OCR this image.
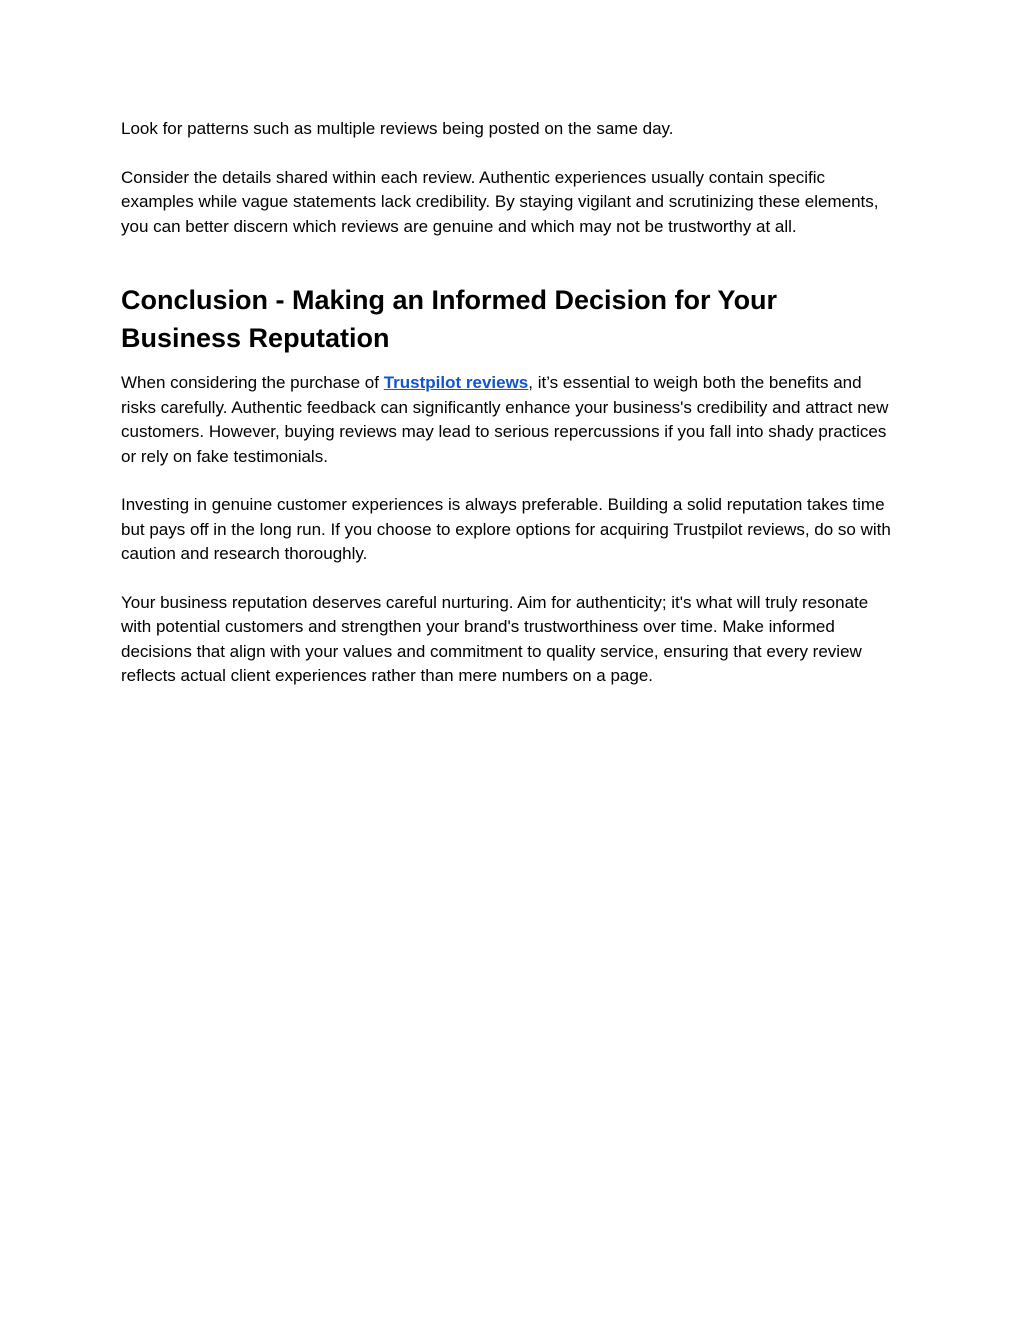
Look for patterns such as multiple reviews being posted on the same day.

Consider the details shared within each review. Authentic experiences usually contain specific examples while vague statements lack credibility. By staying vigilant and scrutinizing these elements, you can better discern which reviews are genuine and which may not be trustworthy at all.

Conclusion - Making an Informed Decision for Your Business Reputation

When considering the purchase of Trustpilot reviews, it’s essential to weigh both the benefits and risks carefully. Authentic feedback can significantly enhance your business's credibility and attract new customers. However, buying reviews may lead to serious repercussions if you fall into shady practices or rely on fake testimonials.

Investing in genuine customer experiences is always preferable. Building a solid reputation takes time but pays off in the long run. If you choose to explore options for acquiring Trustpilot reviews, do so with caution and research thoroughly.

Your business reputation deserves careful nurturing. Aim for authenticity; it's what will truly resonate with potential customers and strengthen your brand's trustworthiness over time. Make informed decisions that align with your values and commitment to quality service, ensuring that every review reflects actual client experiences rather than mere numbers on a page.
